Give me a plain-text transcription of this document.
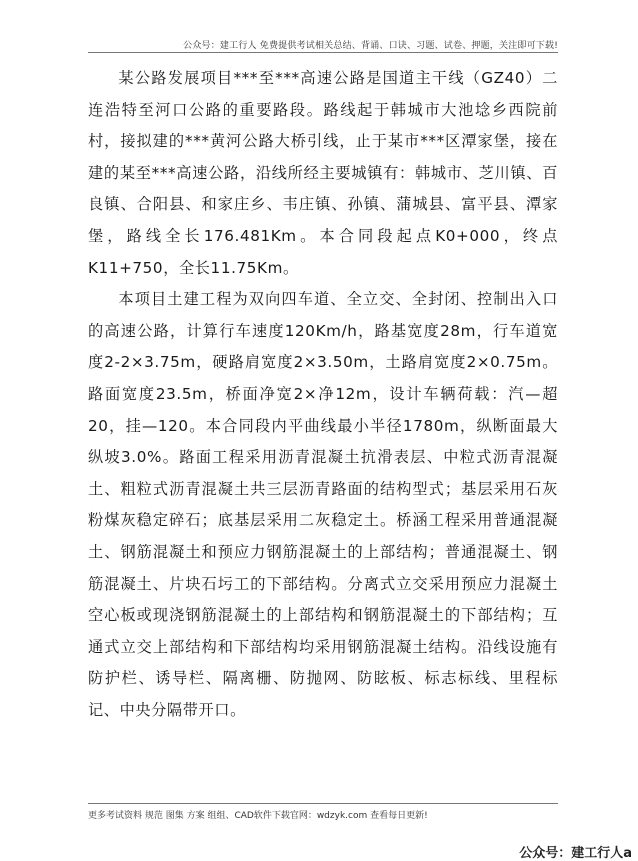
公众号：建工行人 免费提供考试相关总结、背诵、口诀、习题、试卷、押题，关注即可下载!

某公路发展项目***至***高速公路是国道主干线（GZ40）二连浩特至河口公路的重要路段。路线起于韩城市大池埝乡西院前村，接拟建的***黄河公路大桥引线，止于某市***区潭家堡，接在建的某至***高速公路，沿线所经主要城镇有：韩城市、芝川镇、百良镇、合阳县、和家庄乡、韦庄镇、孙镇、蒲城县、富平县、潭家堡，路线全长176.481Km。本合同段起点K0+000，终点K11+750，全长11.75Km。

本项目土建工程为双向四车道、全立交、全封闭、控制出入口的高速公路，计算行车速度120Km/h，路基宽度28m，行车道宽度2-2×3.75m，硬路肩宽度2×3.50m，土路肩宽度2×0.75m。路面宽度23.5m，桥面净宽2×净12m，设计车辆荷载：汽—超20，挂—120。本合同段内平曲线最小半径1780m，纵断面最大纵坡3.0%。路面工程采用沥青混凝土抗滑表层、中粒式沥青混凝土、粗粒式沥青混凝土共三层沥青路面的结构型式；基层采用石灰粉煤灰稳定碎石；底基层采用二灰稳定土。桥涵工程采用普通混凝土、钢筋混凝土和预应力钢筋混凝土的上部结构；普通混凝土、钢筋混凝土、片块石圬工的下部结构。分离式立交采用预应力混凝土空心板或现浇钢筋混凝土的上部结构和钢筋混凝土的下部结构；互通式立交上部结构和下部结构均采用钢筋混凝土结构。沿线设施有防护栏、诱导栏、隔离栅、防抛网、防眩板、标志标线、里程标记、中央分隔带开口。

更多考试资料 规范 图集 方案 组组、CAD软件下载官网：wdzyk.com 查看每日更新!
公众号：建工行人a
